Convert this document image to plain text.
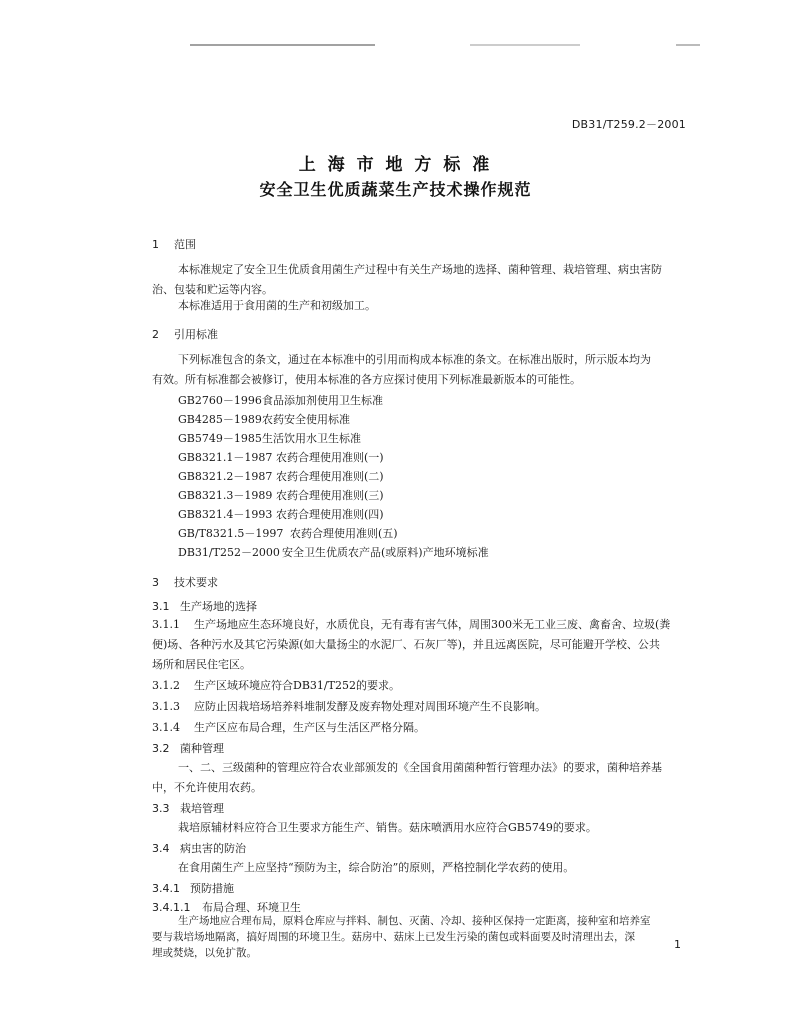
DB31/T259.2－2001
上 海 市 地 方 标 准
安全卫生优质蔬菜生产技术操作规范
1 范围
本标准规定了安全卫生优质食用菌生产过程中有关生产场地的选择、菌种管理、栽培管理、病虫害防
治、包装和贮运等内容。
本标准适用于食用菌的生产和初级加工。
2 引用标准
下列标准包含的条文，通过在本标准中的引用而构成本标准的条文。在标准出版时，所示版本均为
有效。所有标准都会被修订，使用本标准的各方应探讨使用下列标准最新版本的可能性。
GB2760－1996食品添加剂使用卫生标准
GB4285－1989农药安全使用标准
GB5749－1985生活饮用水卫生标准
GB8321.1－1987 农药合理使用准则(一)
GB8321.2－1987 农药合理使用准则(二)
GB8321.3－1989 农药合理使用准则(三)
GB8321.4－1993 农药合理使用准则(四)
GB/T8321.5－1997 农药合理使用准则(五)
DB31/T252－2000 安全卫生优质农产品(或原料)产地环境标准
3 技术要求
3.1 生产场地的选择
3.1.1 生产场地应生态环境良好，水质优良，无有毒有害气体，周围300米无工业三废、禽畜舍、垃圾(粪
便)场、各种污水及其它污染源(如大量扬尘的水泥厂、石灰厂等)，并且远离医院，尽可能避开学校、公共
场所和居民住宅区。
3.1.2 生产区域环境应符合DB31/T252的要求。
3.1.3 应防止因栽培场培养料堆制发酵及废弃物处理对周围环境产生不良影响。
3.1.4 生产区应布局合理，生产区与生活区严格分隔。
3.2 菌种管理
一、二、三级菌种的管理应符合农业部颁发的《全国食用菌菌种暂行管理办法》的要求，菌种培养基
中，不允许使用农药。
3.3 栽培管理
栽培原辅材料应符合卫生要求方能生产、销售。菇床喷洒用水应符合GB5749的要求。
3.4 病虫害的防治
在食用菌生产上应坚持“预防为主，综合防治”的原则，严格控制化学农药的使用。
3.4.1 预防措施
3.4.1.1 布局合理、环境卫生
生产场地应合理布局，原料仓库应与拌料、制包、灭菌、冷却、接种区保持一定距离，接种室和培养室
要与栽培场地隔离，搞好周围的环境卫生。菇房中、菇床上已发生污染的菌包或料面要及时清理出去，深
埋或焚烧，以免扩散。
1
